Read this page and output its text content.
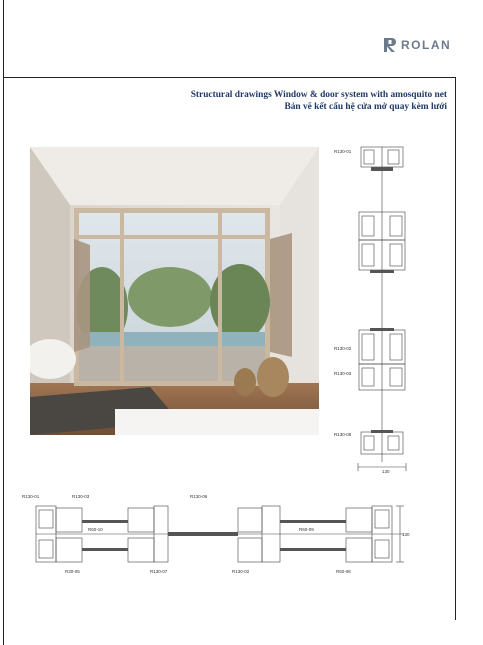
ROLAN
Structural drawings Window & door system with amosquito net
Bản vẽ kết cấu hệ cửa mở quay kèm lưới
R130-01
R130-02
R130-03
R130-06
130
R130-01	R130-03	R130-06
R60-10
R30-05	R130-07	R130-02
R60-09
R60-08
130
